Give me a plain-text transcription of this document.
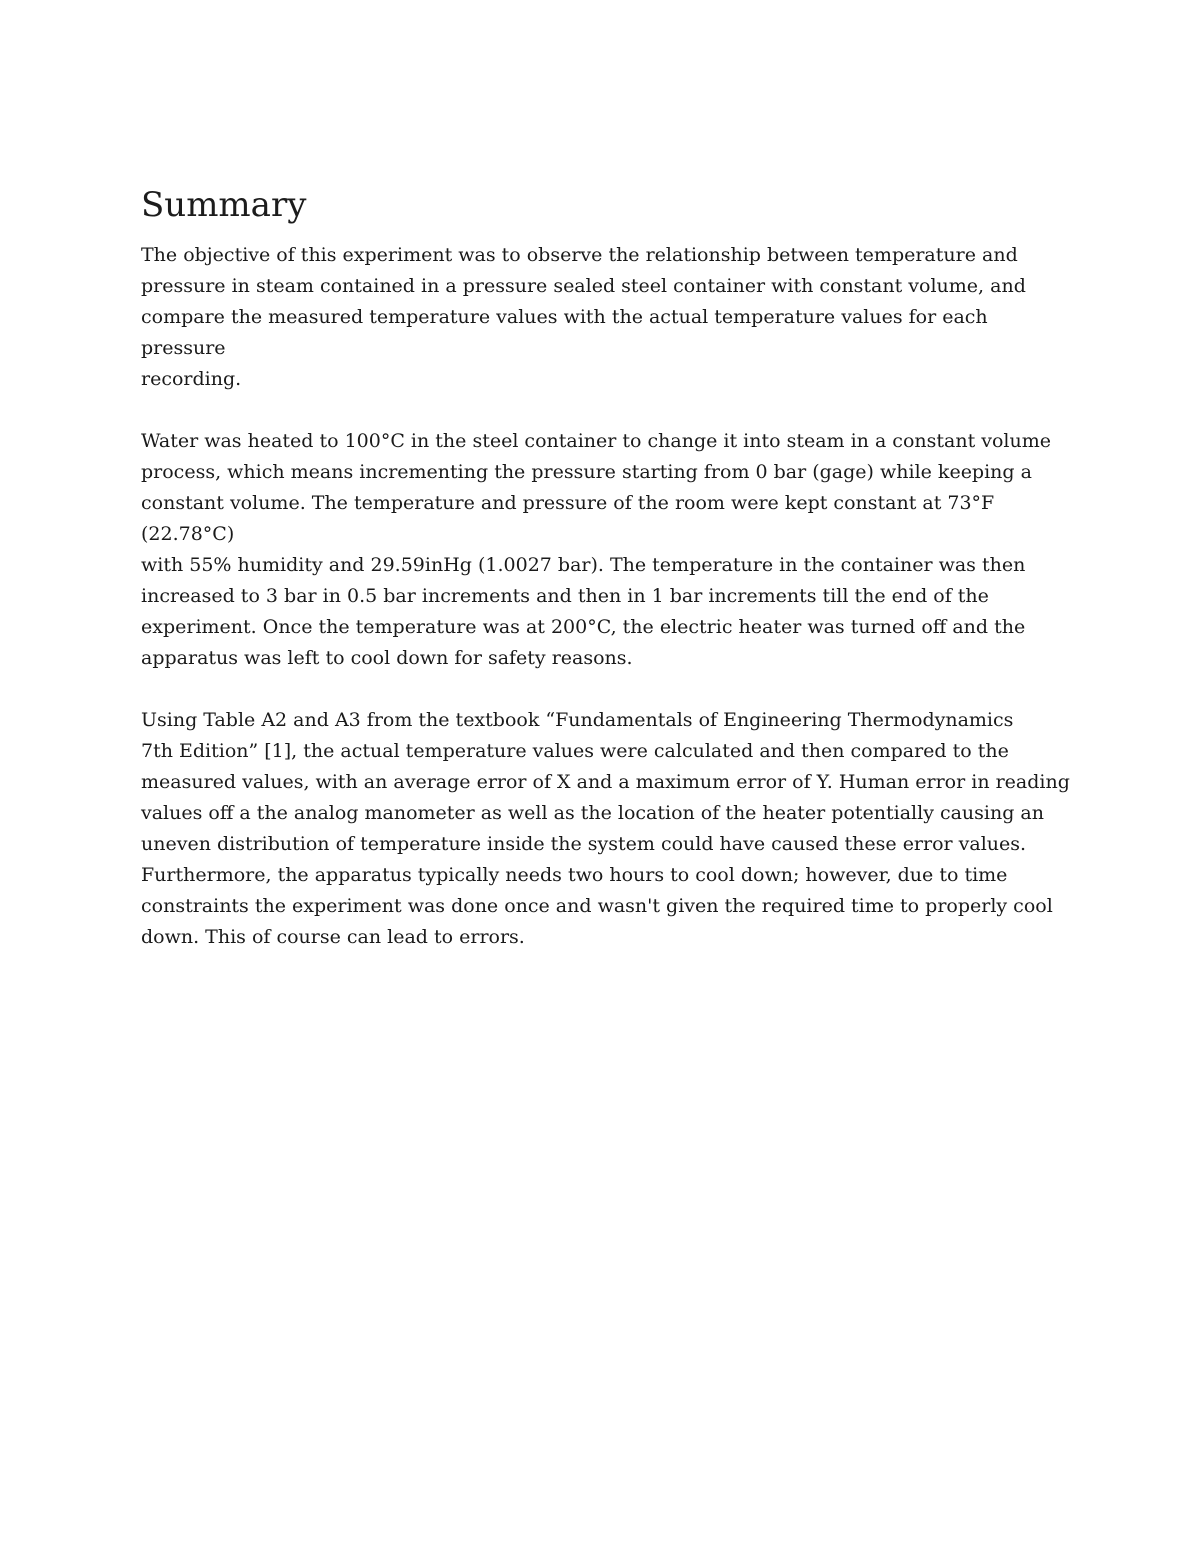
Summary

The objective of this experiment was to observe the relationship between temperature and
pressure in steam contained in a pressure sealed steel container with constant volume, and
compare the measured temperature values with the actual temperature values for each pressure
recording.

Water was heated to 100°C in the steel container to change it into steam in a constant volume
process, which means incrementing the pressure starting from 0 bar (gage) while keeping a
constant volume. The temperature and pressure of the room were kept constant at 73°F (22.78°C)
with 55% humidity and 29.59inHg (1.0027 bar). The temperature in the container was then
increased to 3 bar in 0.5 bar increments and then in 1 bar increments till the end of the
experiment. Once the temperature was at 200°C, the electric heater was turned off and the
apparatus was left to cool down for safety reasons.

Using Table A2 and A3 from the textbook “Fundamentals of Engineering Thermodynamics
7th Edition” [1], the actual temperature values were calculated and then compared to the
measured values, with an average error of X and a maximum error of Y. Human error in reading
values off a the analog manometer as well as the location of the heater potentially causing an
uneven distribution of temperature inside the system could have caused these error values.
Furthermore, the apparatus typically needs two hours to cool down; however, due to time
constraints the experiment was done once and wasn't given the required time to properly cool
down. This of course can lead to errors.
